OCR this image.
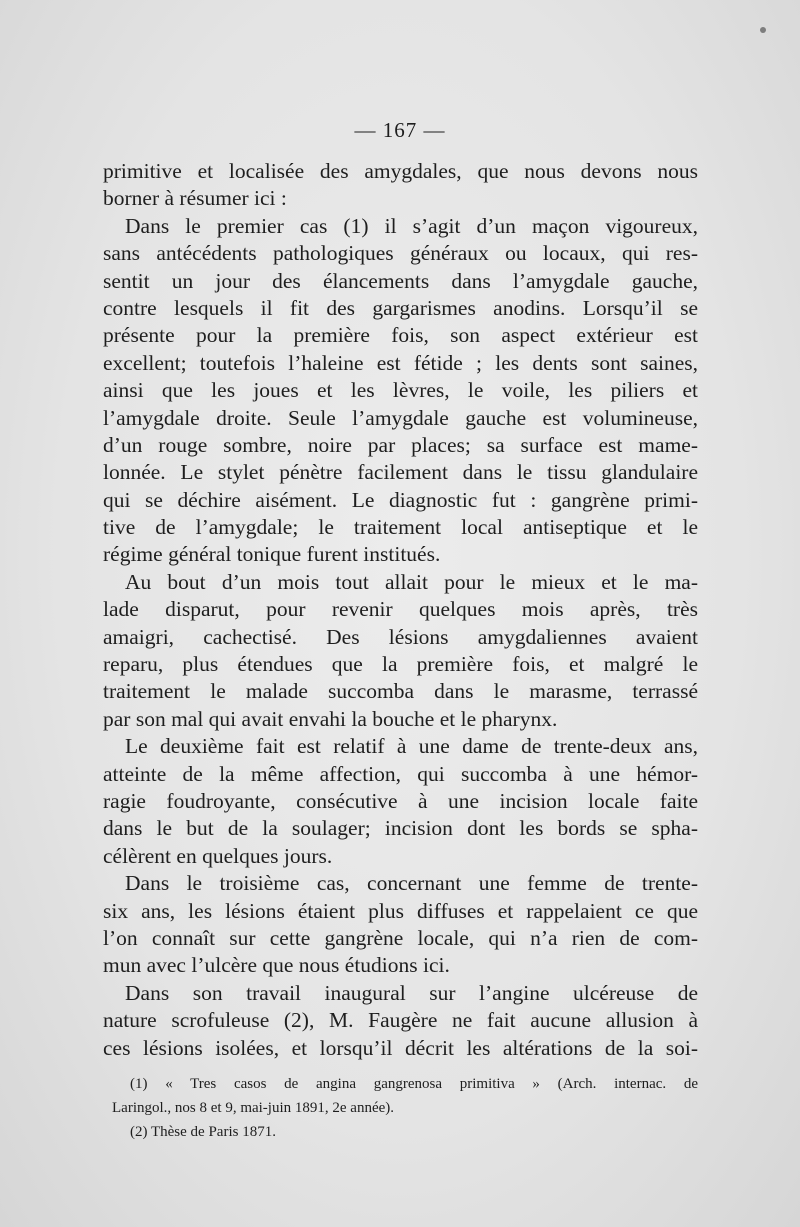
— 167 —
primitive et localisée des amygdales, que nous devons nous
borner à résumer ici :
Dans le premier cas (1) il s’agit d’un maçon vigoureux,
sans antécédents pathologiques généraux ou locaux, qui res-
sentit un jour des élancements dans l’amygdale gauche,
contre lesquels il fit des gargarismes anodins. Lorsqu’il se
présente pour la première fois, son aspect extérieur est
excellent; toutefois l’haleine est fétide ; les dents sont saines,
ainsi que les joues et les lèvres, le voile, les piliers et
l’amygdale droite. Seule l’amygdale gauche est volumineuse,
d’un rouge sombre, noire par places; sa surface est mame-
lonnée. Le stylet pénètre facilement dans le tissu glandulaire
qui se déchire aisément. Le diagnostic fut : gangrène primi-
tive de l’amygdale; le traitement local antiseptique et le
régime général tonique furent institués.
Au bout d’un mois tout allait pour le mieux et le ma-
lade disparut, pour revenir quelques mois après, très
amaigri, cachectisé. Des lésions amygdaliennes avaient
reparu, plus étendues que la première fois, et malgré le
traitement le malade succomba dans le marasme, terrassé
par son mal qui avait envahi la bouche et le pharynx.
Le deuxième fait est relatif à une dame de trente-deux ans,
atteinte de la même affection, qui succomba à une hémor-
ragie foudroyante, consécutive à une incision locale faite
dans le but de la soulager; incision dont les bords se spha-
célèrent en quelques jours.
Dans le troisième cas, concernant une femme de trente-
six ans, les lésions étaient plus diffuses et rappelaient ce que
l’on connaît sur cette gangrène locale, qui n’a rien de com-
mun avec l’ulcère que nous étudions ici.
Dans son travail inaugural sur l’angine ulcéreuse de
nature scrofuleuse (2), M. Faugère ne fait aucune allusion à
ces lésions isolées, et lorsqu’il décrit les altérations de la soi-
(1) « Tres casos de angina gangrenosa primitiva » (Arch. internac. de
Laringol., nos 8 et 9, mai-juin 1891, 2e année).
(2) Thèse de Paris 1871.
